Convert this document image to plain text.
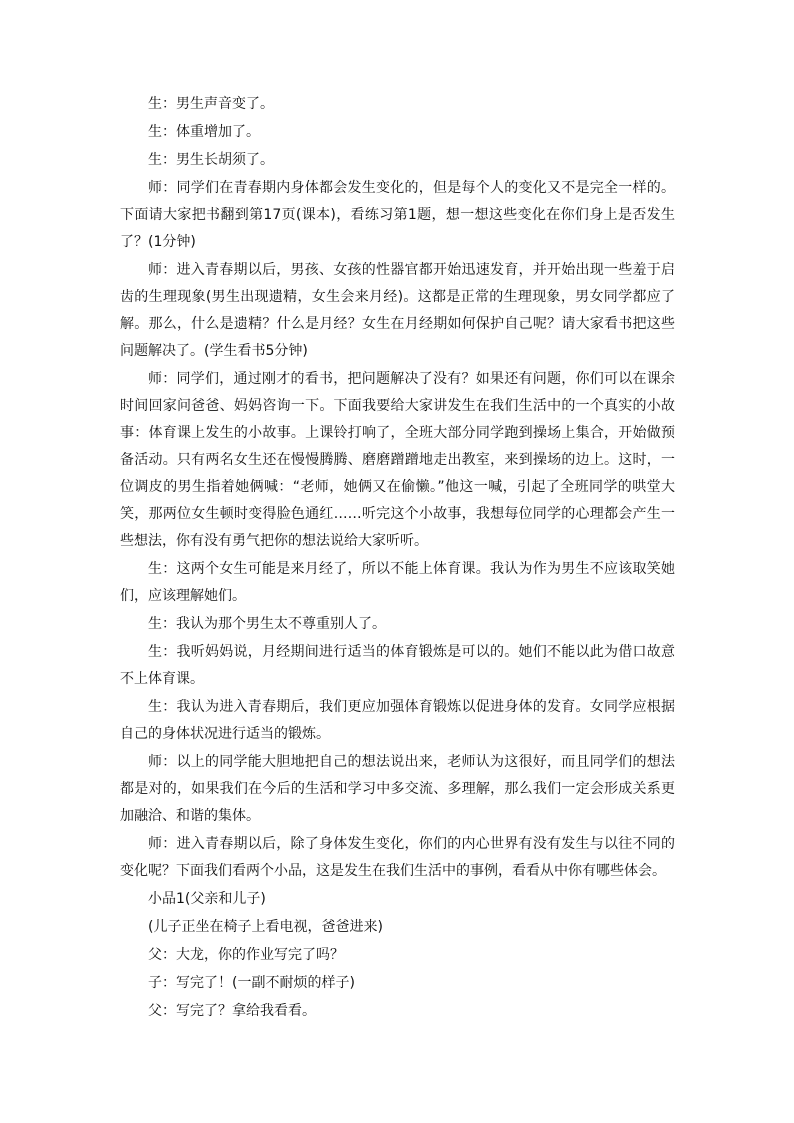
生：男生声音变了。

生：体重增加了。

生：男生长胡须了。

师：同学们在青春期内身体都会发生变化的，但是每个人的变化又不是完全一样的。下面请大家把书翻到第17页(课本)，看练习第1题，想一想这些变化在你们身上是否发生了？(1分钟)

师：进入青春期以后，男孩、女孩的性器官都开始迅速发育，并开始出现一些羞于启齿的生理现象(男生出现遗精，女生会来月经)。这都是正常的生理现象，男女同学都应了解。那么，什么是遗精？什么是月经？女生在月经期如何保护自己呢？请大家看书把这些问题解决了。(学生看书5分钟)

师：同学们，通过刚才的看书，把问题解决了没有？如果还有问题，你们可以在课余时间回家问爸爸、妈妈咨询一下。下面我要给大家讲发生在我们生活中的一个真实的小故事：体育课上发生的小故事。上课铃打响了，全班大部分同学跑到操场上集合，开始做预备活动。只有两名女生还在慢慢腾腾、磨磨蹭蹭地走出教室，来到操场的边上。这时，一位调皮的男生指着她俩喊：“老师，她俩又在偷懒。”他这一喊，引起了全班同学的哄堂大笑，那两位女生顿时变得脸色通红……听完这个小故事，我想每位同学的心理都会产生一些想法，你有没有勇气把你的想法说给大家听听。

生：这两个女生可能是来月经了，所以不能上体育课。我认为作为男生不应该取笑她们，应该理解她们。

生：我认为那个男生太不尊重别人了。

生：我听妈妈说，月经期间进行适当的体育锻炼是可以的。她们不能以此为借口故意不上体育课。

生：我认为进入青春期后，我们更应加强体育锻炼以促进身体的发育。女同学应根据自己的身体状况进行适当的锻炼。

师：以上的同学能大胆地把自己的想法说出来，老师认为这很好，而且同学们的想法都是对的，如果我们在今后的生活和学习中多交流、多理解，那么我们一定会形成关系更加融洽、和谐的集体。

师：进入青春期以后，除了身体发生变化，你们的内心世界有没有发生与以往不同的变化呢？下面我们看两个小品，这是发生在我们生活中的事例，看看从中你有哪些体会。

小品1(父亲和儿子)

(儿子正坐在椅子上看电视，爸爸进来)

父：大龙，你的作业写完了吗？

子：写完了！(一副不耐烦的样子)

父：写完了？拿给我看看。
